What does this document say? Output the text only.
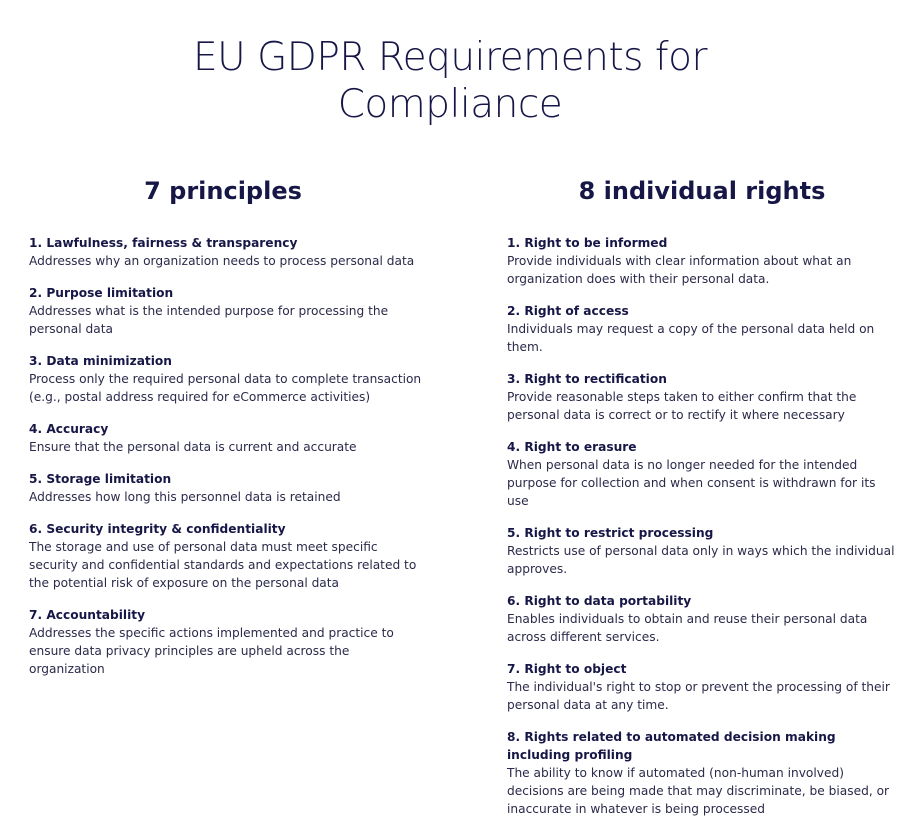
EU GDPR Requirements for
Compliance
7 principles
1. Lawfulness, fairness & transparency
Addresses why an organization needs to process personal data
2. Purpose limitation
Addresses what is the intended purpose for processing the personal data
3. Data minimization
Process only the required personal data to complete transaction (e.g., postal address required for eCommerce activities)
4. Accuracy
Ensure that the personal data is current and accurate
5. Storage limitation
Addresses how long this personnel data is retained
6. Security integrity & confidentiality
The storage and use of personal data must meet specific security and confidential standards and expectations related to the potential risk of exposure on the personal data
7. Accountability
Addresses the specific actions implemented and practice to ensure data privacy principles are upheld across the organization
8 individual rights
1. Right to be informed
Provide individuals with clear information about what an organization does with their personal data.
2. Right of access
Individuals may request a copy of the personal data held on them.
3. Right to rectification
Provide reasonable steps taken to either confirm that the personal data is correct or to rectify it where necessary
4. Right to erasure
When personal data is no longer needed for the intended purpose for collection and when consent is withdrawn for its use
5. Right to restrict processing
Restricts use of personal data only in ways which the individual approves.
6. Right to data portability
Enables individuals to obtain and reuse their personal data across different services.
7. Right to object
The individual's right to stop or prevent the processing of their personal data at any time.
8. Rights related to automated decision making including profiling
The ability to know if automated (non-human involved) decisions are being made that may discriminate, be biased, or inaccurate in whatever is being processed
